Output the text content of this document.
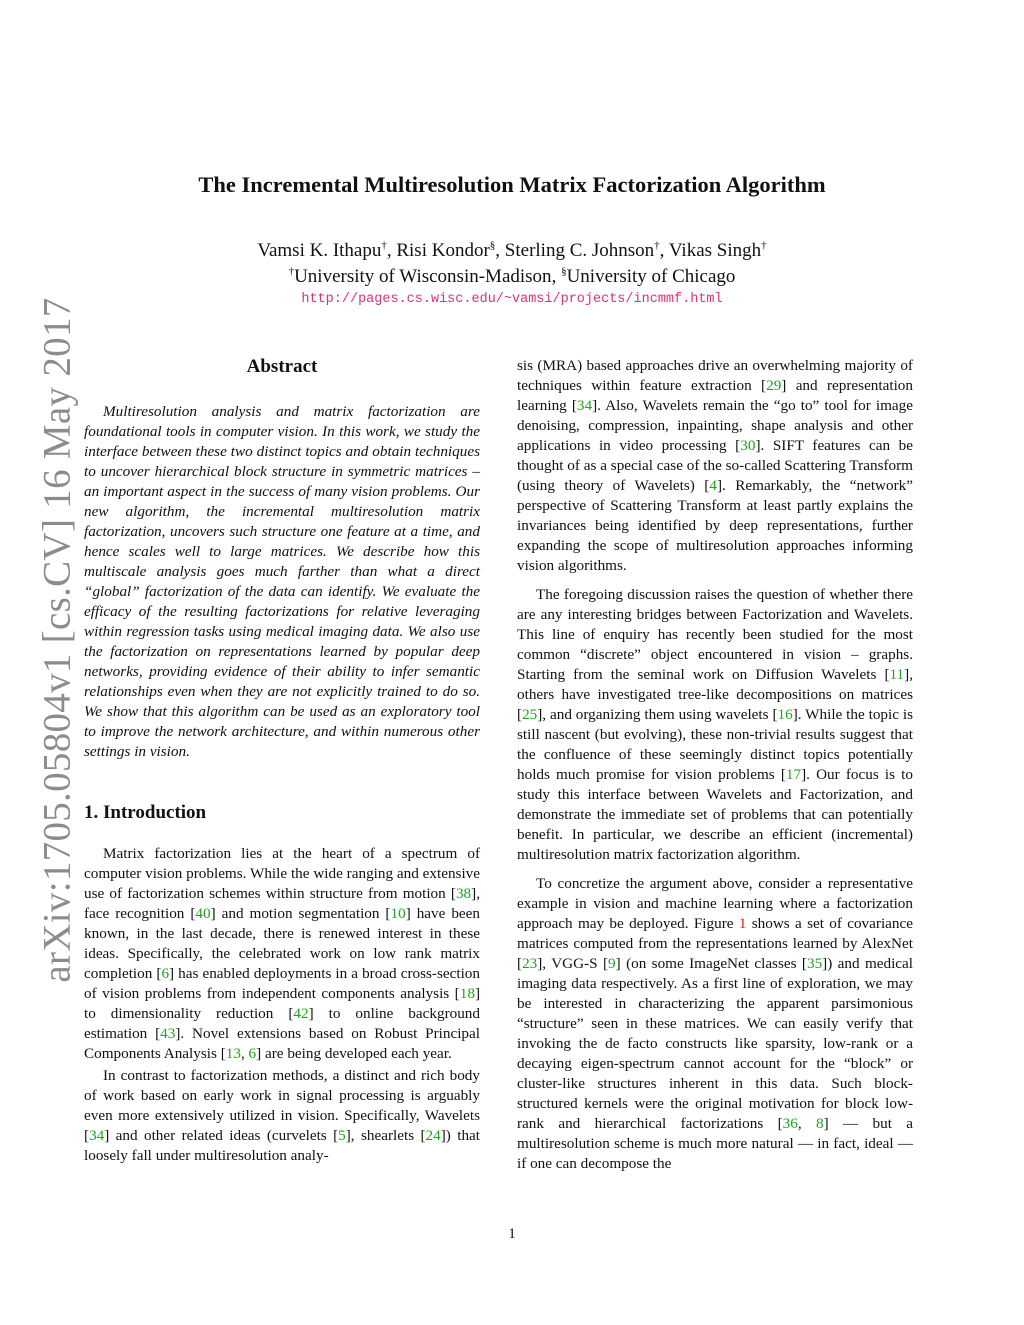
arXiv:1705.05804v1 [cs.CV] 16 May 2017
The Incremental Multiresolution Matrix Factorization Algorithm
Vamsi K. Ithapu†, Risi Kondor§, Sterling C. Johnson†, Vikas Singh†
†University of Wisconsin-Madison, §University of Chicago
http://pages.cs.wisc.edu/~vamsi/projects/incmmf.html
Abstract

Multiresolution analysis and matrix factorization are foundational tools in computer vision. In this work, we study the interface between these two distinct topics and obtain techniques to uncover hierarchical block structure in symmetric matrices – an important aspect in the success of many vision problems. Our new algorithm, the incremental multiresolution matrix factorization, uncovers such structure one feature at a time, and hence scales well to large matrices. We describe how this multiscale analysis goes much farther than what a direct “global” factorization of the data can identify. We evaluate the efficacy of the resulting factorizations for relative leveraging within regression tasks using medical imaging data. We also use the factorization on representations learned by popular deep networks, providing evidence of their ability to infer semantic relationships even when they are not explicitly trained to do so. We show that this algorithm can be used as an exploratory tool to improve the network architecture, and within numerous other settings in vision.

1. Introduction

Matrix factorization lies at the heart of a spectrum of computer vision problems. While the wide ranging and extensive use of factorization schemes within structure from motion [38], face recognition [40] and motion segmentation [10] have been known, in the last decade, there is renewed interest in these ideas. Specifically, the celebrated work on low rank matrix completion [6] has enabled deployments in a broad cross-section of vision problems from independent components analysis [18] to dimensionality reduction [42] to online background estimation [43]. Novel extensions based on Robust Principal Components Analysis [13, 6] are being developed each year.

In contrast to factorization methods, a distinct and rich body of work based on early work in signal processing is arguably even more extensively utilized in vision. Specifically, Wavelets [34] and other related ideas (curvelets [5], shearlets [24]) that loosely fall under multiresolution analy-

sis (MRA) based approaches drive an overwhelming majority of techniques within feature extraction [29] and representation learning [34]. Also, Wavelets remain the “go to” tool for image denoising, compression, inpainting, shape analysis and other applications in video processing [30]. SIFT features can be thought of as a special case of the so-called Scattering Transform (using theory of Wavelets) [4]. Remarkably, the “network” perspective of Scattering Transform at least partly explains the invariances being identified by deep representations, further expanding the scope of multiresolution approaches informing vision algorithms.

The foregoing discussion raises the question of whether there are any interesting bridges between Factorization and Wavelets. This line of enquiry has recently been studied for the most common “discrete” object encountered in vision – graphs. Starting from the seminal work on Diffusion Wavelets [11], others have investigated tree-like decompositions on matrices [25], and organizing them using wavelets [16]. While the topic is still nascent (but evolving), these non-trivial results suggest that the confluence of these seemingly distinct topics potentially holds much promise for vision problems [17]. Our focus is to study this interface between Wavelets and Factorization, and demonstrate the immediate set of problems that can potentially benefit. In particular, we describe an efficient (incremental) multiresolution matrix factorization algorithm.

To concretize the argument above, consider a representative example in vision and machine learning where a factorization approach may be deployed. Figure 1 shows a set of covariance matrices computed from the representations learned by AlexNet [23], VGG-S [9] (on some ImageNet classes [35]) and medical imaging data respectively. As a first line of exploration, we may be interested in characterizing the apparent parsimonious “structure” seen in these matrices. We can easily verify that invoking the de facto constructs like sparsity, low-rank or a decaying eigen-spectrum cannot account for the “block” or cluster-like structures inherent in this data. Such block-structured kernels were the original motivation for block low-rank and hierarchical factorizations [36, 8] — but a multiresolution scheme is much more natural — in fact, ideal — if one can decompose the

1
